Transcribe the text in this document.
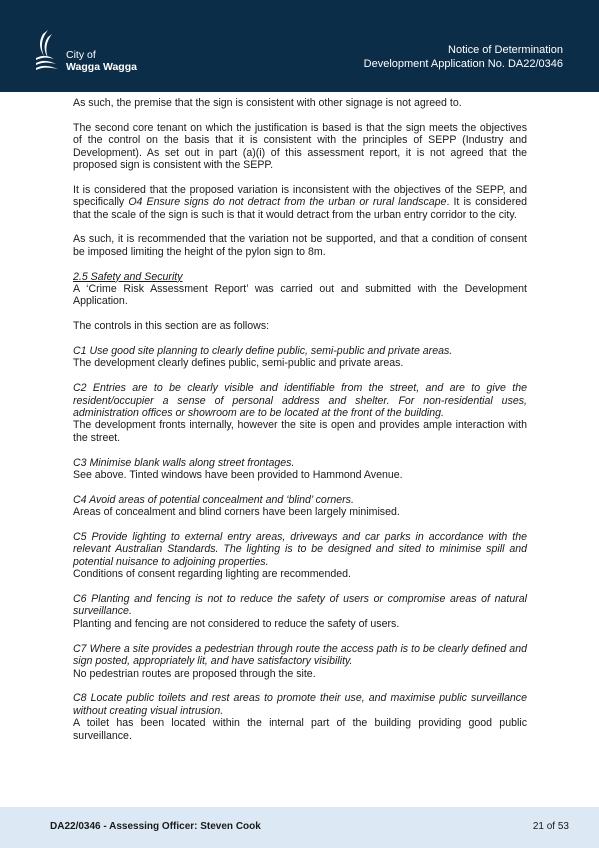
City of
Wagga Wagga
Notice of Determination
Development Application No. DA22/0346

As such, the premise that the sign is consistent with other signage is not agreed to.

The second core tenant on which the justification is based is that the sign meets the objectives of the control on the basis that it is consistent with the principles of SEPP (Industry and Development). As set out in part (a)(i) of this assessment report, it is not agreed that the proposed sign is consistent with the SEPP.

It is considered that the proposed variation is inconsistent with the objectives of the SEPP, and specifically O4 Ensure signs do not detract from the urban or rural landscape. It is considered that the scale of the sign is such is that it would detract from the urban entry corridor to the city.

As such, it is recommended that the variation not be supported, and that a condition of consent be imposed limiting the height of the pylon sign to 8m.

2.5 Safety and Security
A ‘Crime Risk Assessment Report’ was carried out and submitted with the Development Application.

The controls in this section are as follows:

C1 Use good site planning to clearly define public, semi-public and private areas.
The development clearly defines public, semi-public and private areas.

C2 Entries are to be clearly visible and identifiable from the street, and are to give the resident/occupier a sense of personal address and shelter. For non-residential uses, administration offices or showroom are to be located at the front of the building.
The development fronts internally, however the site is open and provides ample interaction with the street.

C3 Minimise blank walls along street frontages.
See above. Tinted windows have been provided to Hammond Avenue.

C4 Avoid areas of potential concealment and ‘blind’ corners.
Areas of concealment and blind corners have been largely minimised.

C5 Provide lighting to external entry areas, driveways and car parks in accordance with the relevant Australian Standards. The lighting is to be designed and sited to minimise spill and potential nuisance to adjoining properties.
Conditions of consent regarding lighting are recommended.

C6 Planting and fencing is not to reduce the safety of users or compromise areas of natural surveillance.
Planting and fencing are not considered to reduce the safety of users.

C7 Where a site provides a pedestrian through route the access path is to be clearly defined and sign posted, appropriately lit, and have satisfactory visibility.
No pedestrian routes are proposed through the site.

C8 Locate public toilets and rest areas to promote their use, and maximise public surveillance without creating visual intrusion.
A toilet has been located within the internal part of the building providing good public surveillance.

DA22/0346 - Assessing Officer: Steven Cook	21 of 53
